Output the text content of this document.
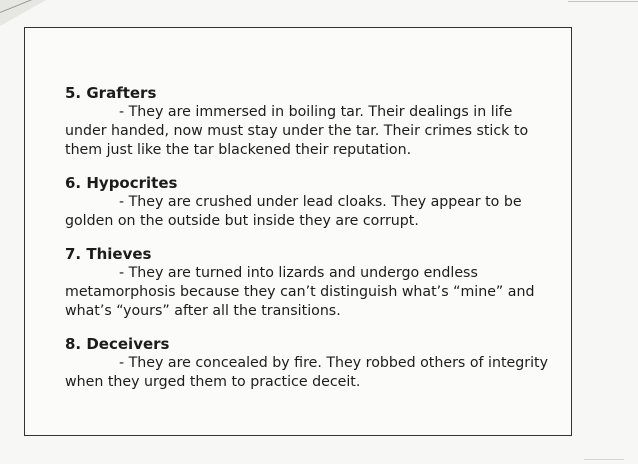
5. Grafters

- They are immersed in boiling tar. Their dealings in life
under handed, now must stay under the tar. Their crimes stick to
them just like the tar blackened their reputation.

6. Hypocrites

- They are crushed under lead cloaks. They appear to be
golden on the outside but inside they are corrupt.

7. Thieves

- They are turned into lizards and undergo endless
metamorphosis because they can’t distinguish what’s “mine” and
what’s “yours” after all the transitions.

8. Deceivers

- They are concealed by fire. They robbed others of integrity
when they urged them to practice deceit.
